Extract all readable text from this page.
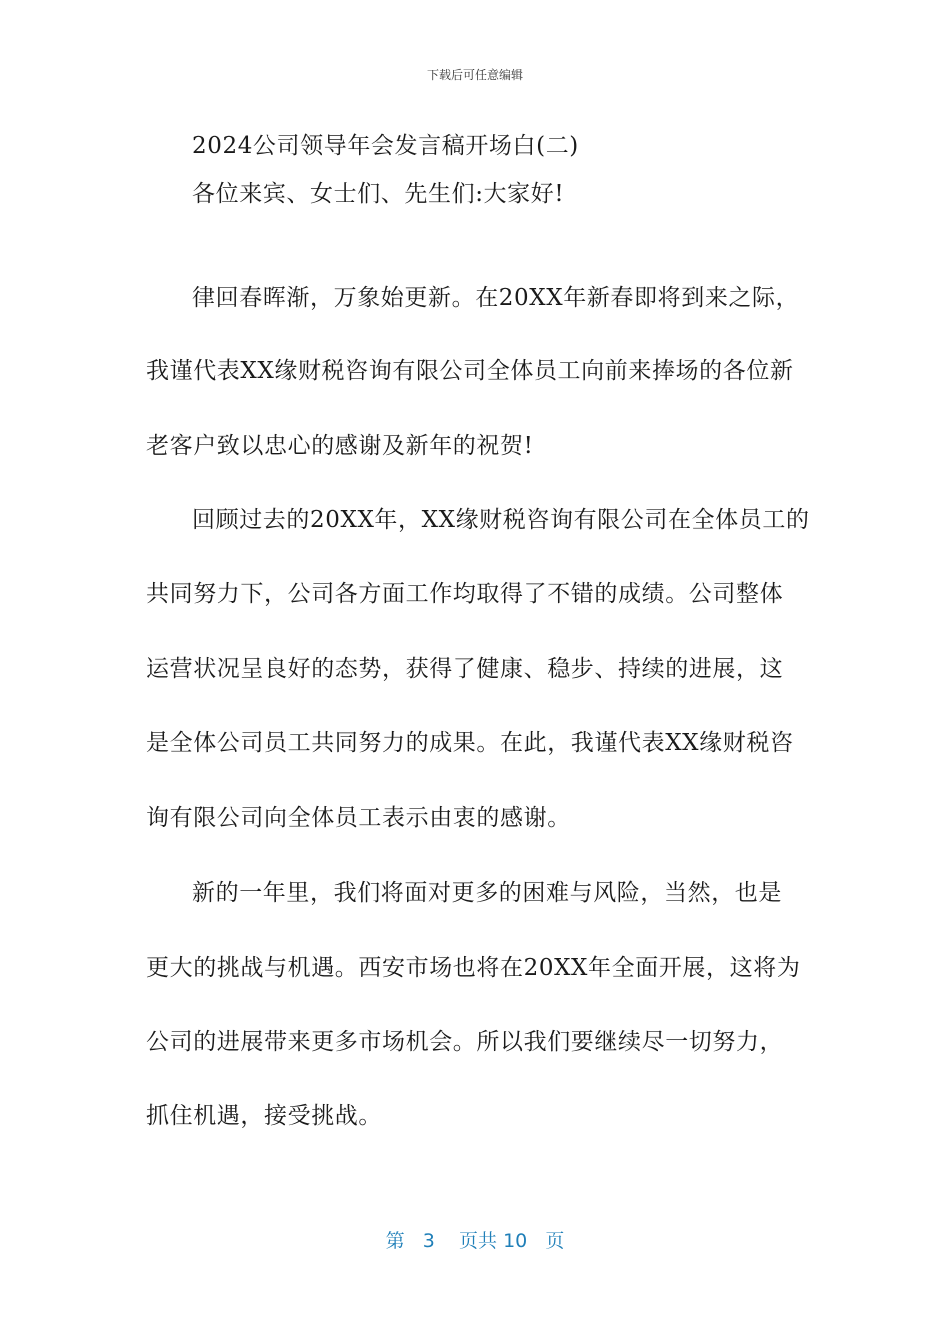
下载后可任意编辑
2024公司领导年会发言稿开场白(二)
各位来宾、女士们、先生们:大家好!
律回春晖渐，万象始更新。在20XX年新春即将到来之际，
我谨代表XX缘财税咨询有限公司全体员工向前来捧场的各位新
老客户致以忠心的感谢及新年的祝贺!
回顾过去的20XX年，XX缘财税咨询有限公司在全体员工的
共同努力下，公司各方面工作均取得了不错的成绩。公司整体
运营状况呈良好的态势，获得了健康、稳步、持续的进展，这
是全体公司员工共同努力的成果。在此，我谨代表XX缘财税咨
询有限公司向全体员工表示由衷的感谢。
新的一年里，我们将面对更多的困难与风险，当然，也是
更大的挑战与机遇。西安市场也将在20XX年全面开展，这将为
公司的进展带来更多市场机会。所以我们要继续尽一切努力，
抓住机遇，接受挑战。
第 3 页共 10 页
